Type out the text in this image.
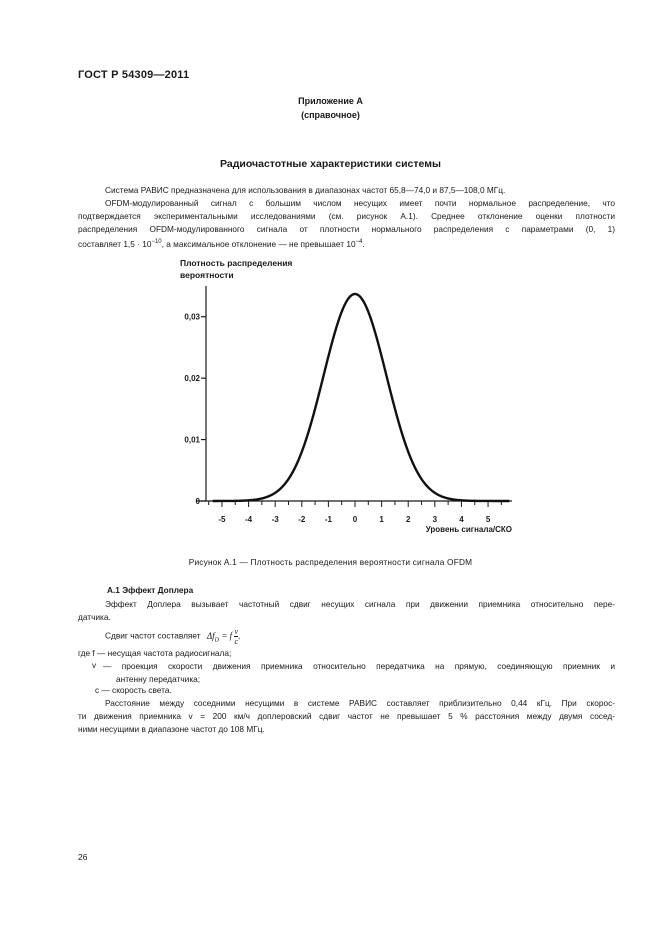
ГОСТ Р 54309—2011
Приложение А
(справочное)
Радиочастотные характеристики системы
Система РАВИС предназначена для использования в диапазонах частот 65,8—74,0 и 87,5—108,0 МГц.
OFDM-модулированный сигнал с большим числом несущих имеет почти нормальное распределение, что
подтверждается экспериментальными исследованиями (см. рисунок А.1). Среднее отклонение оценки плотности
распределения OFDM-модулированного сигнала от плотности нормального распределения с параметрами (0, 1)
составляет $1,5 \cdot 10^{-10}$, а максимальное отклонение — не превышает $10^{-4}$.
Плотность распределения
вероятности
0
0,01
0,02
0,03
-5 -4 -3 -2 -1	0	1	2	3	4	5
Уровень сигнала/СКО
Рисунок А.1 — Плотность распределения вероятности сигнала OFDM
А.1 Эффект Доплера
Эффект Доплера вызывает частотный сдвиг несущих сигнала при движении приемника относительно пере-
датчика.
Сдвиг частот составляет $\Delta f_D = f \frac{v}{c}$ ,
где f — несущая частота радиосигнала;
v — проекция скорости движения приемника относительно передатчика на прямую, соединяющую приемник и
антенну передатчика;
c — скорость света.
Расстояние между соседними несущими в системе РАВИС составляет приблизительно 0,44 кГц. При скорос-
ти движения приемника v = 200 км/ч доплеровский сдвиг частот не превышает 5 % расстояния между двумя сосед-
ними несущими в диапазоне частот до 108 МГц.
26
